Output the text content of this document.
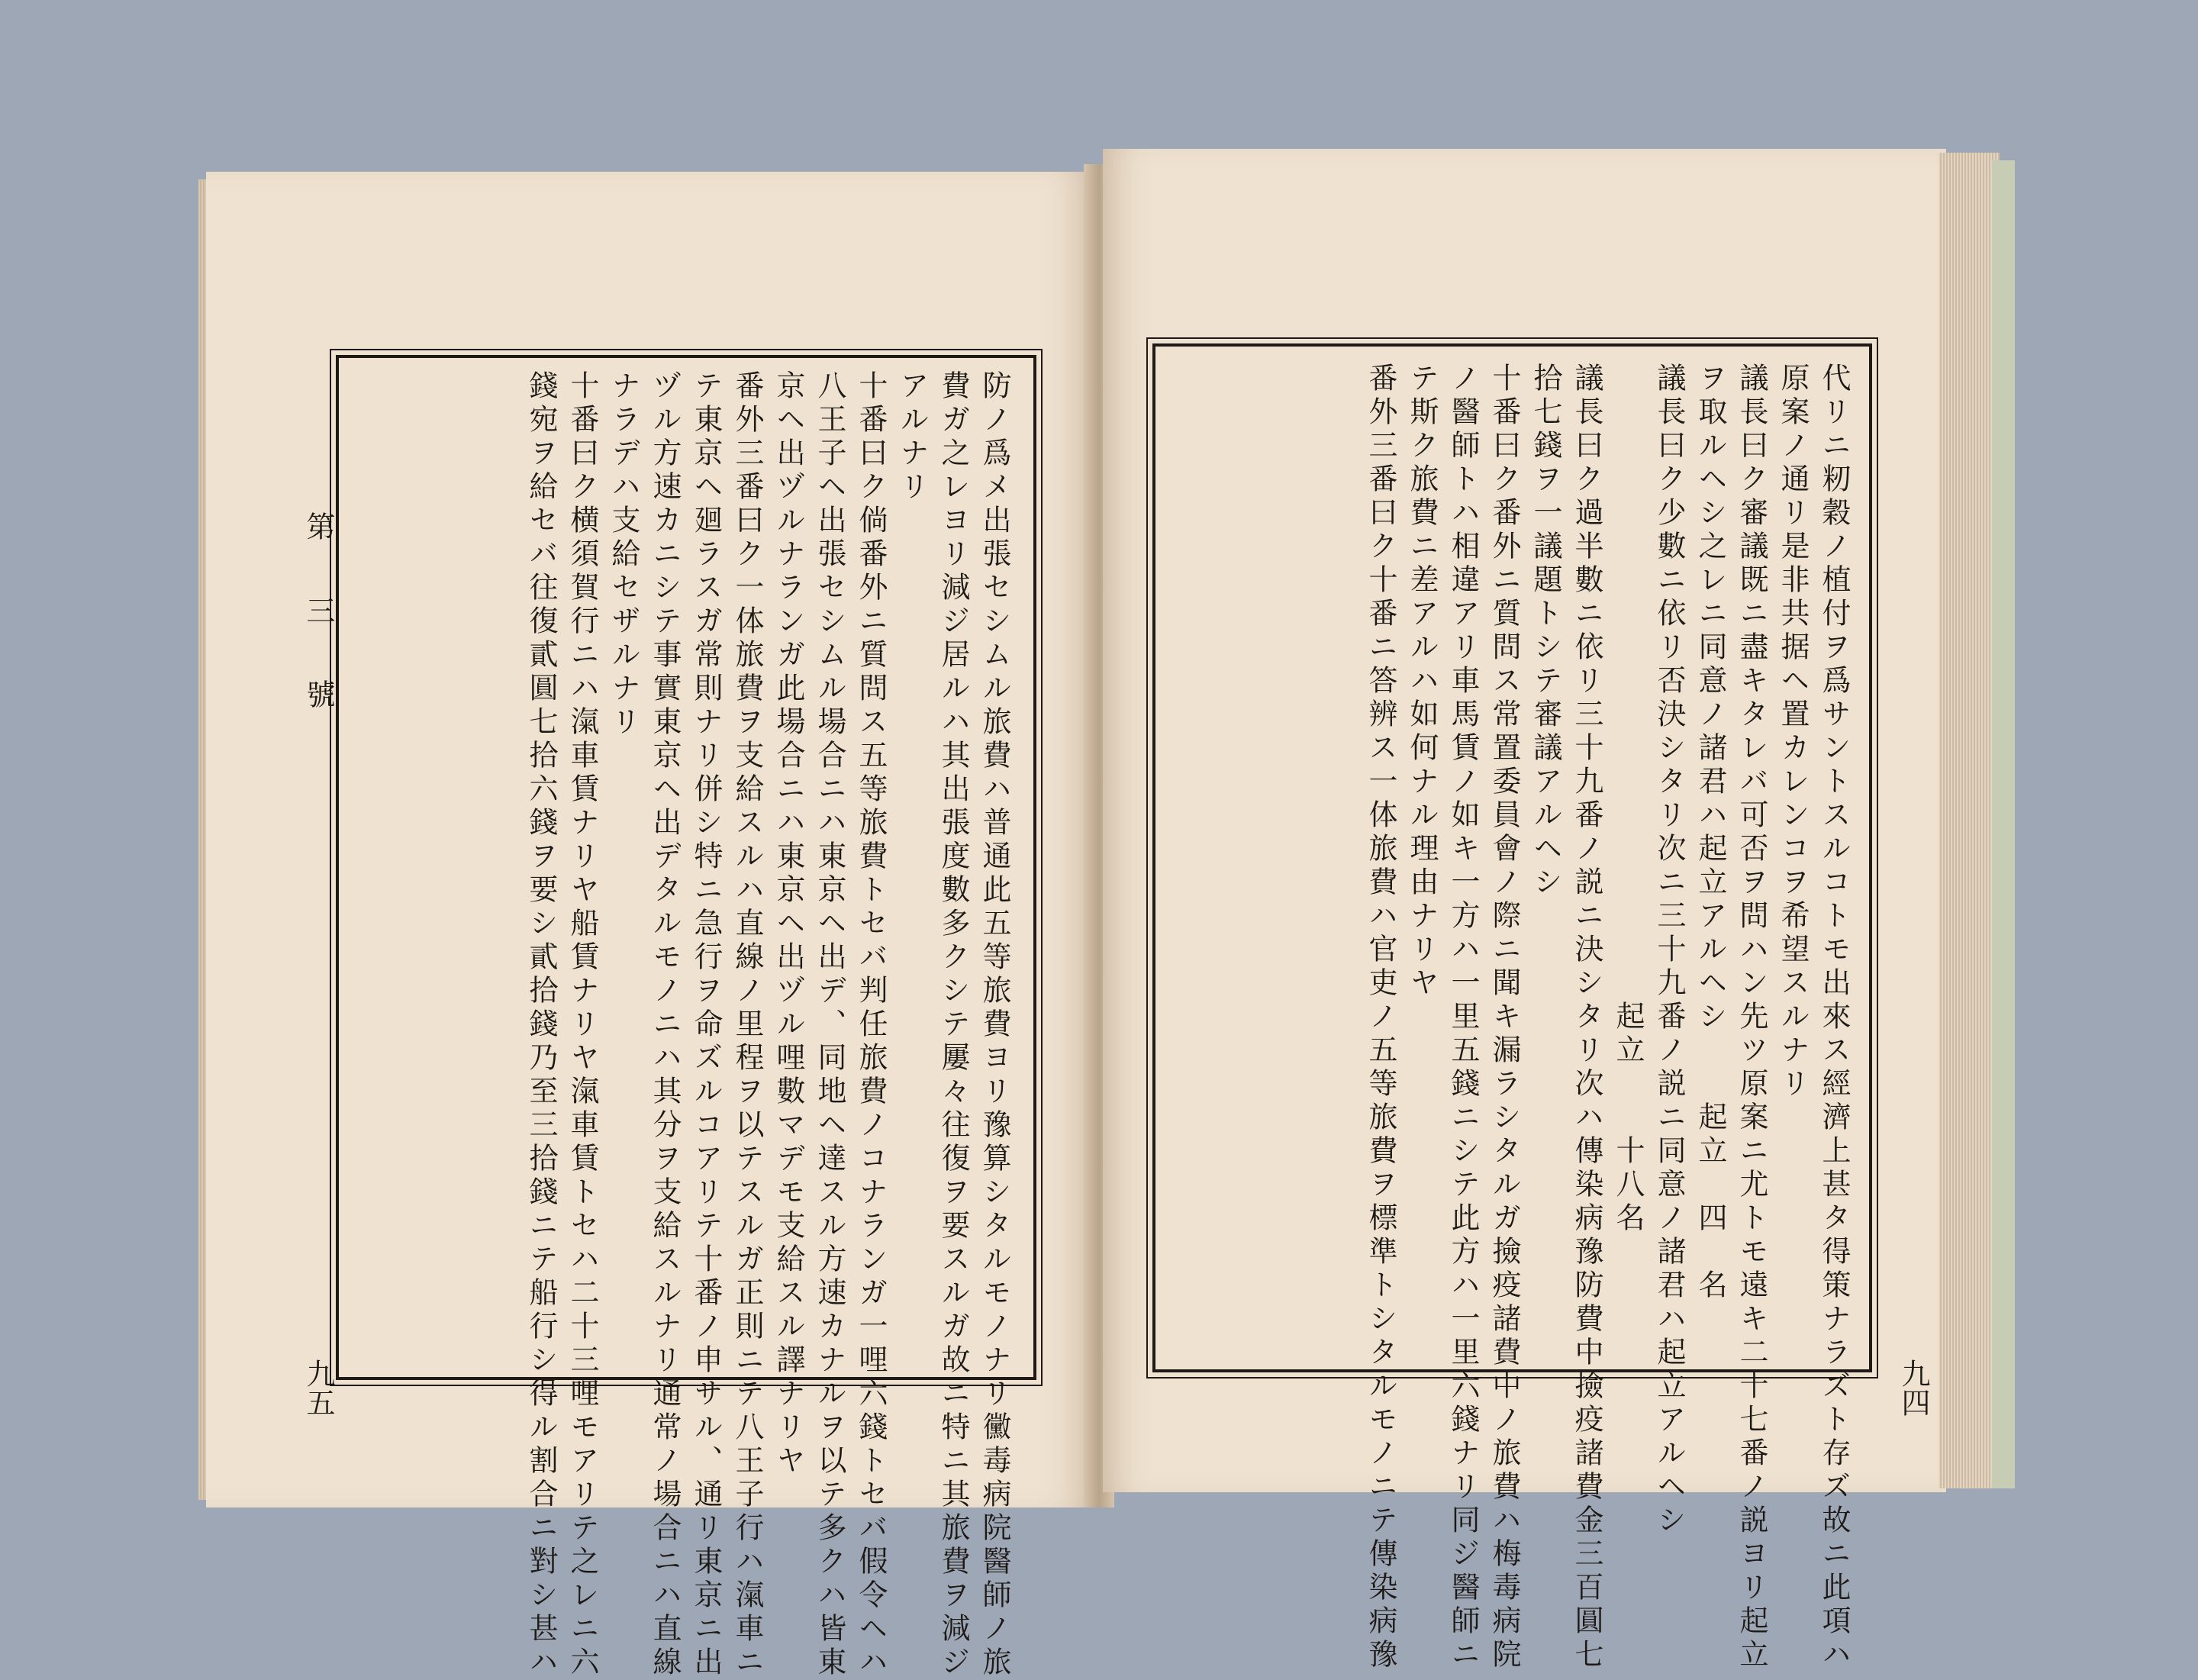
第 三 號
九五	九四

防ノ爲メ出張セシムル旅費ハ普通此五等旅費ヨリ豫算シタルモノナリ黴毒病院醫師ノ旅

費ガ之レヨリ減ジ居ルハ其出張度數多クシテ屢々往復ヲ要スルガ故ニ特ニ其旅費ヲ減ジ

アルナリ

十番曰ク倘番外ニ質問ス五等旅費トセバ判任旅費ノコナランガ一哩六錢トセバ假令ヘハ

八王子ヘ出張セシムル場合ニハ東京ヘ出デ、同地ヘ達スル方速カナルヲ以テ多クハ皆東

京ヘ出ヅルナランガ此場合ニハ東京ヘ出ヅル哩數マデモ支給スル譯ナリヤ

番外三番曰ク一体旅費ヲ支給スルハ直線ノ里程ヲ以テスルガ正則ニテ八王子行ハ滊車ニ

テ東京ヘ廻ラスガ常則ナリ併シ特ニ急行ヲ命ズルコアリテ十番ノ申サル、通リ東京ニ出

ヅル方速カニシテ事實東京ヘ出デタルモノニハ其分ヲ支給スルナリ通常ノ場合ニハ直線

ナラデハ支給セザルナリ

十番曰ク横須賀行ニハ滊車賃ナリヤ船賃ナリヤ滊車賃トセハ二十三哩モアリテ之レニ六

錢宛ヲ給セバ往復貳圓七拾六錢ヲ要シ貳拾錢乃至三拾錢ニテ船行シ得ル割合ニ對シ甚ハ	代リニ籾穀ノ植付ヲ爲サントスルコトモ出來ス經濟上甚タ得策ナラズト存ズ故ニ此項ハ

原案ノ通リ是非共据ヘ置カレンコヲ希望スルナリ

議長曰ク審議既ニ盡キタレバ可否ヲ問ハン先ツ原案ニ尤トモ遠キ二十七番ノ説ヨリ起立

ヲ取ルヘシ之レニ同意ノ諸君ハ起立アルヘシ　　起立　四　名

議長曰ク少數ニ依リ否決シタリ次ニ三十九番ノ説ニ同意ノ諸君ハ起立アルヘシ

　　　　　　　　　　　　　　　　　　　起立　　十八名

議長曰ク過半數ニ依リ三十九番ノ説ニ決シタリ次ハ傳染病豫防費中撿疫諸費金三百圓七

拾七錢ヲ一議題トシテ審議アルヘシ

十番曰ク番外ニ質問ス常置委員會ノ際ニ聞キ漏ラシタルガ撿疫諸費中ノ旅費ハ梅毒病院

ノ醫師トハ相違アリ車馬賃ノ如キ一方ハ一里五錢ニシテ此方ハ一里六錢ナリ同ジ醫師ニ

テ斯ク旅費ニ差アルハ如何ナル理由ナリヤ

番外三番曰ク十番ニ答辨ス一体旅費ハ官吏ノ五等旅費ヲ標準トシタルモノニテ傳染病豫
